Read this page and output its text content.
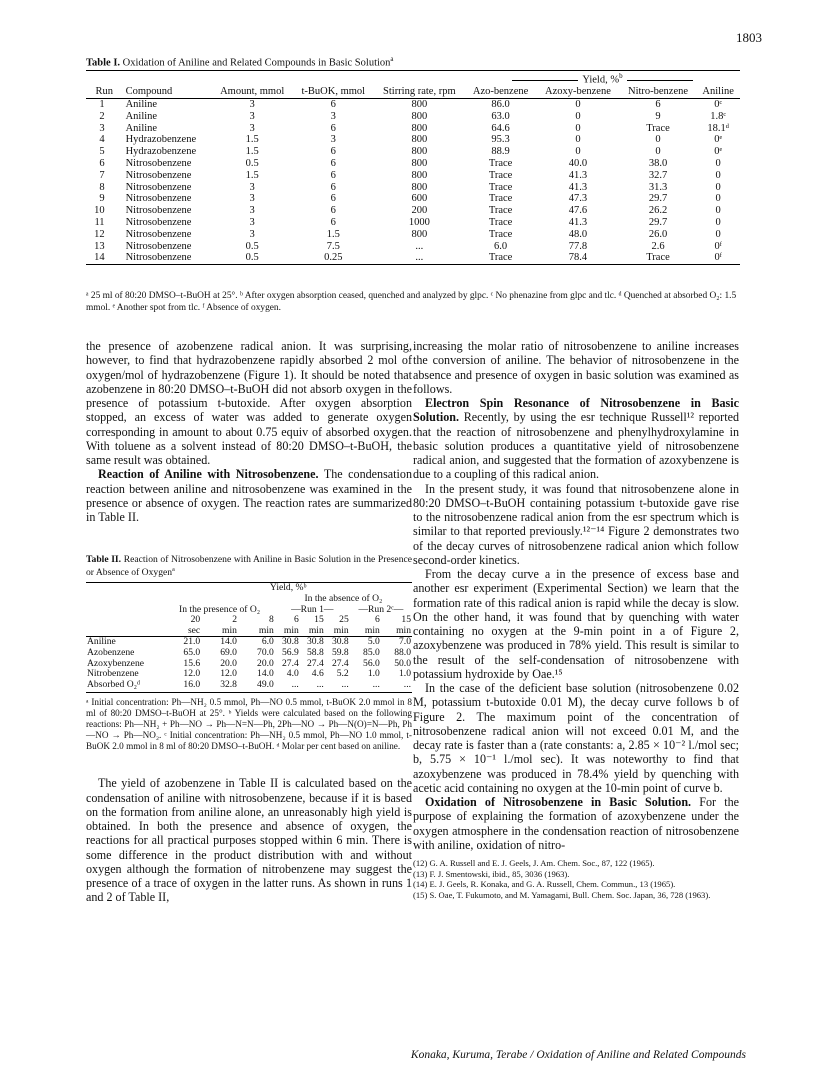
1803
Table I. Oxidation of Aniline and Related Compounds in Basic Solution$^a$
					Yield, %$^b$
Run	Compound	Amount, mmol	t-BuOK, mmol	Stirring rate, rpm	Azo-benzene	Azoxy-benzene	Nitro-benzene	Aniline
1	Aniline	3	6	800	86.0	0	6	0ᶜ
2	Aniline	3	3	800	63.0	0	9	1.8ᶜ
3	Aniline	3	6	800	64.6	0	Trace	18.1ᵈ
4	Hydrazobenzene	1.5	3	800	95.3	0	0	0ᵉ
5	Hydrazobenzene	1.5	6	800	88.9	0	0	0ᵉ
6	Nitrosobenzene	0.5	6	800	Trace	40.0	38.0	0
7	Nitrosobenzene	1.5	6	800	Trace	41.3	32.7	0
8	Nitrosobenzene	3	6	800	Trace	41.3	31.3	0
9	Nitrosobenzene	3	6	600	Trace	47.3	29.7	0
10	Nitrosobenzene	3	6	200	Trace	47.6	26.2	0
11	Nitrosobenzene	3	6	1000	Trace	41.3	29.7	0
12	Nitrosobenzene	3	1.5	800	Trace	48.0	26.0	0
13	Nitrosobenzene	0.5	7.5	...	6.0	77.8	2.6	0ᶠ
14	Nitrosobenzene	0.5	0.25	...	Trace	78.4	Trace	0ᶠ
ᵃ 25 ml of 80:20 DMSO–t-BuOH at 25°. ᵇ After oxygen absorption ceased, quenched and analyzed by glpc. ᶜ No phenazine from glpc and tlc. ᵈ Quenched at absorbed O₂: 1.5 mmol. ᵉ Another spot from tlc. ᶠ Absence of oxygen.

the presence of azobenzene radical anion. It was surprising, however, to find that hydrazobenzene rapidly absorbed 2 mol of oxygen/mol of hydrazobenzene (Figure 1). It should be noted that azobenzene in 80:20 DMSO–t-BuOH did not absorb oxygen in the presence of potassium t-butoxide. After oxygen absorption stopped, an excess of water was added to generate oxygen corresponding in amount to about 0.75 equiv of absorbed oxygen. With toluene as a solvent instead of 80:20 DMSO–t-BuOH, the same result was obtained.

Reaction of Aniline with Nitrosobenzene. The condensation reaction between aniline and nitrosobenzene was examined in the presence or absence of oxygen. The reaction rates are summarized in Table II.

Table II. Reaction of Nitrosobenzene with Aniline in Basic Solution in the Presence or Absence of Oxygen$^a$

	Yield, %ᵇ							
				In the absence of O₂				
	In the presence of O₂			—Run 1—			—Run 2ᶜ—	
	20	2	8	6	15	25	6	15
	sec	min	min	min	min	min	min	min
Aniline	21.0	14.0	6.0	30.8	30.8	30.8	5.0	7.0
Azobenzene	65.0	69.0	70.0	56.9	58.8	59.8	85.0	88.0
Azoxybenzene	15.6	20.0	20.0	27.4	27.4	27.4	56.0	50.0
Nitrobenzene	12.0	12.0	14.0	4.0	4.6	5.2	1.0	1.0
Absorbed O₂ᵈ	16.0	32.8	49.0	...	...	...	...	...
ᵃ Initial concentration: Ph—NH₂ 0.5 mmol, Ph—NO 0.5 mmol, t-BuOK 2.0 mmol in 8 ml of 80:20 DMSO–t-BuOH at 25°. ᵇ Yields were calculated based on the following reactions: Ph—NH₂ + Ph—NO → Ph—N=N—Ph, 2Ph—NO → Ph—N(O)=N—Ph, Ph—NO → Ph—NO₂. ᶜ Initial concentration: Ph—NH₂ 0.5 mmol, Ph—NO 1.0 mmol, t-BuOK 2.0 mmol in 8 ml of 80:20 DMSO–t-BuOH. ᵈ Molar per cent based on aniline.

The yield of azobenzene in Table II is calculated based on the condensation of aniline with nitrosobenzene, because if it is based on the formation from aniline alone, an unreasonably high yield is obtained. In both the presence and absence of oxygen, the reactions for all practical purposes stopped within 6 min. There is some difference in the product distribution with and without oxygen although the formation of nitrobenzene may suggest the presence of a trace of oxygen in the latter runs. As shown in runs 1 and 2 of Table II,

increasing the molar ratio of nitrosobenzene to aniline increases the conversion of aniline. The behavior of nitrosobenzene in the absence and presence of oxygen in basic solution was examined as follows.

Electron Spin Resonance of Nitrosobenzene in Basic Solution. Recently, by using the esr technique Russell¹² reported that the reaction of nitrosobenzene and phenylhydroxylamine in basic solution produces a quantitative yield of nitrosobenzene radical anion, and suggested that the formation of azoxybenzene is due to a coupling of this radical anion.

In the present study, it was found that nitrosobenzene alone in 80:20 DMSO–t-BuOH containing potassium t-butoxide gave rise to the nitrosobenzene radical anion from the esr spectrum which is similar to that reported previously.¹²⁻¹⁴ Figure 2 demonstrates two of the decay curves of nitrosobenzene radical anion which follow second-order kinetics.

From the decay curve a in the presence of excess base and another esr experiment (Experimental Section) we learn that the formation rate of this radical anion is rapid while the decay is slow. On the other hand, it was found that by quenching with water containing no oxygen at the 9-min point in a of Figure 2, azoxybenzene was produced in 78% yield. This result is similar to the result of the self-condensation of nitrosobenzene with potassium hydroxide by Oae.¹⁵

In the case of the deficient base solution (nitrosobenzene 0.02 M, potassium t-butoxide 0.01 M), the decay curve follows b of Figure 2. The maximum point of the concentration of nitrosobenzene radical anion will not exceed 0.01 M, and the decay rate is faster than a (rate constants: a, 2.85 × 10⁻² l./mol sec; b, 5.75 × 10⁻¹ l./mol sec). It was noteworthy to find that azoxybenzene was produced in 78.4% yield by quenching with acetic acid containing no oxygen at the 10-min point of curve b.

Oxidation of Nitrosobenzene in Basic Solution. For the purpose of explaining the formation of azoxybenzene under the oxygen atmosphere in the condensation reaction of nitrosobenzene with aniline, oxidation of nitro-

(12) G. A. Russell and E. J. Geels, J. Am. Chem. Soc., 87, 122 (1965).
(13) F. J. Smentowski, ibid., 85, 3036 (1963).
(14) E. J. Geels, R. Konaka, and G. A. Russell, Chem. Commun., 13 (1965).
(15) S. Oae, T. Fukumoto, and M. Yamagami, Bull. Chem. Soc. Japan, 36, 728 (1963).
Konaka, Kuruma, Terabe / Oxidation of Aniline and Related Compounds
